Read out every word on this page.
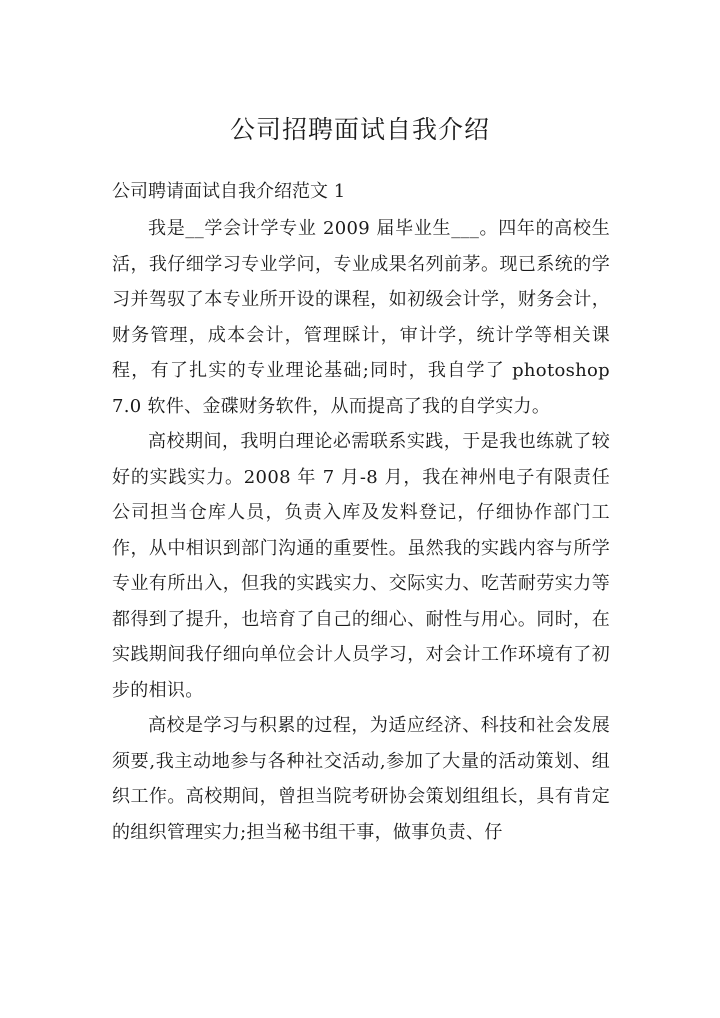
公司招聘面试自我介绍

公司聘请面试自我介绍范文 1

我是__学会计学专业 2009 届毕业生___。四年的高校生活，我仔细学习专业学问，专业成果名列前茅。现已系统的学习并驾驭了本专业所开设的课程，如初级会计学，财务会计，财务管理，成本会计，管理睬计，审计学，统计学等相关课程，有了扎实的专业理论基础;同时，我自学了 photoshop 7.0 软件、金碟财务软件，从而提高了我的自学实力。

高校期间，我明白理论必需联系实践，于是我也练就了较好的实践实力。2008 年 7 月-8 月，我在神州电子有限责任公司担当仓库人员，负责入库及发料登记，仔细协作部门工作，从中相识到部门沟通的重要性。虽然我的实践内容与所学专业有所出入，但我的实践实力、交际实力、吃苦耐劳实力等都得到了提升，也培育了自己的细心、耐性与用心。同时，在实践期间我仔细向单位会计人员学习，对会计工作环境有了初步的相识。

高校是学习与积累的过程，为适应经济、科技和社会发展须要,我主动地参与各种社交活动,参加了大量的活动策划、组织工作。高校期间，曾担当院考研协会策划组组长，具有肯定的组织管理实力;担当秘书组干事，做事负责、仔
